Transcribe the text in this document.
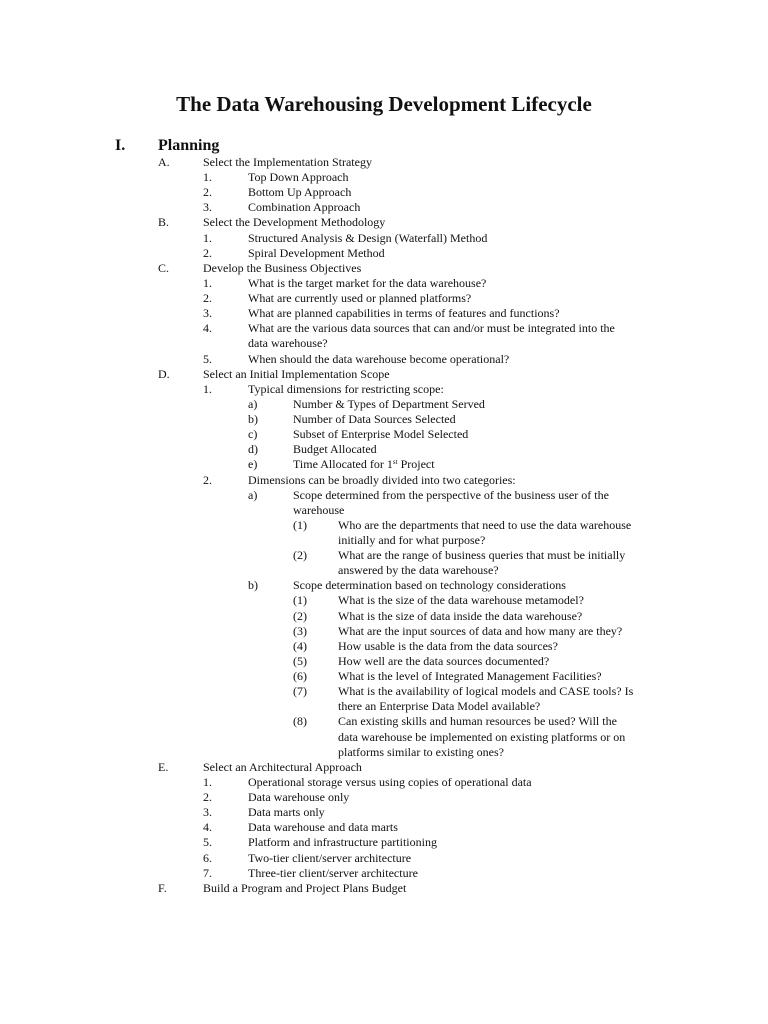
The Data Warehousing Development Lifecycle
I. Planning
A.	Select the Implementation Strategy
1.	Top Down Approach
2.	Bottom Up Approach
3.	Combination Approach
B.	Select the Development Methodology
1.	Structured Analysis & Design (Waterfall) Method
2.	Spiral Development Method
C.	Develop the Business Objectives
1.	What is the target market for the data warehouse?
2.	What are currently used or planned platforms?
3.	What are planned capabilities in terms of features and functions?
4.	What are the various data sources that can and/or must be integrated into the
data warehouse?
5.	When should the data warehouse become operational?
D.	Select an Initial Implementation Scope
1.	Typical dimensions for restricting scope:
a)	Number & Types of Department Served
b)	Number of Data Sources Selected
c)	Subset of Enterprise Model Selected
d)	Budget Allocated
e)	Time Allocated for 1st Project
2.	Dimensions can be broadly divided into two categories:
a)	Scope determined from the perspective of the business user of the
warehouse
(1)	Who are the departments that need to use the data warehouse
initially and for what purpose?
(2)	What are the range of business queries that must be initially
answered by the data warehouse?
b)	Scope determination based on technology considerations
(1)	What is the size of the data warehouse metamodel?
(2)	What is the size of data inside the data warehouse?
(3)	What are the input sources of data and how many are they?
(4)	How usable is the data from the data sources?
(5)	How well are the data sources documented?
(6)	What is the level of Integrated Management Facilities?
(7)	What is the availability of logical models and CASE tools? Is
there an Enterprise Data Model available?
(8)	Can existing skills and human resources be used? Will the
data warehouse be implemented on existing platforms or on
platforms similar to existing ones?
E.	Select an Architectural Approach
1.	Operational storage versus using copies of operational data
2.	Data warehouse only
3.	Data marts only
4.	Data warehouse and data marts
5.	Platform and infrastructure partitioning
6.	Two-tier client/server architecture
7.	Three-tier client/server architecture
F.	Build a Program and Project Plans Budget
